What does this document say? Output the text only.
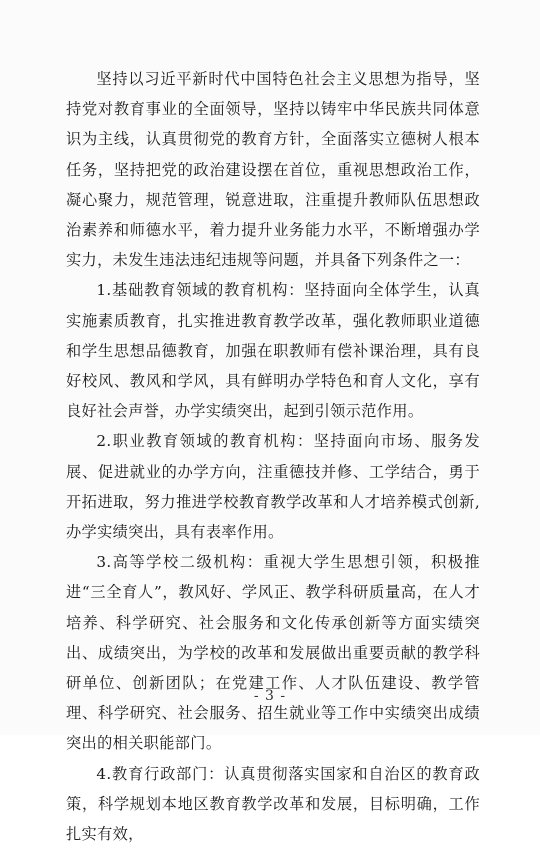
坚持以习近平新时代中国特色社会主义思想为指导，坚持党对教育事业的全面领导，坚持以铸牢中华民族共同体意识为主线，认真贯彻党的教育方针，全面落实立德树人根本任务，坚持把党的政治建设摆在首位，重视思想政治工作，凝心聚力，规范管理，锐意进取，注重提升教师队伍思想政治素养和师德水平，着力提升业务能力水平，不断增强办学实力，未发生违法违纪违规等问题，并具备下列条件之一：

1.基础教育领域的教育机构：坚持面向全体学生，认真实施素质教育，扎实推进教育教学改革，强化教师职业道德和学生思想品德教育，加强在职教师有偿补课治理，具有良好校风、教风和学风，具有鲜明办学特色和育人文化，享有良好社会声誉，办学实绩突出，起到引领示范作用。

2.职业教育领域的教育机构：坚持面向市场、服务发展、促进就业的办学方向，注重德技并修、工学结合，勇于开拓进取，努力推进学校教育教学改革和人才培养模式创新,办学实绩突出，具有表率作用。

3.高等学校二级机构：重视大学生思想引领，积极推进“三全育人”，教风好、学风正、教学科研质量高，在人才培养、科学研究、社会服务和文化传承创新等方面实绩突出、成绩突出，为学校的改革和发展做出重要贡献的教学科研单位、创新团队；在党建工作、人才队伍建设、教学管理、科学研究、社会服务、招生就业等工作中实绩突出成绩突出的相关职能部门。

4.教育行政部门：认真贯彻落实国家和自治区的教育政策，科学规划本地区教育教学改革和发展，目标明确，工作扎实有效，

- 3 -
